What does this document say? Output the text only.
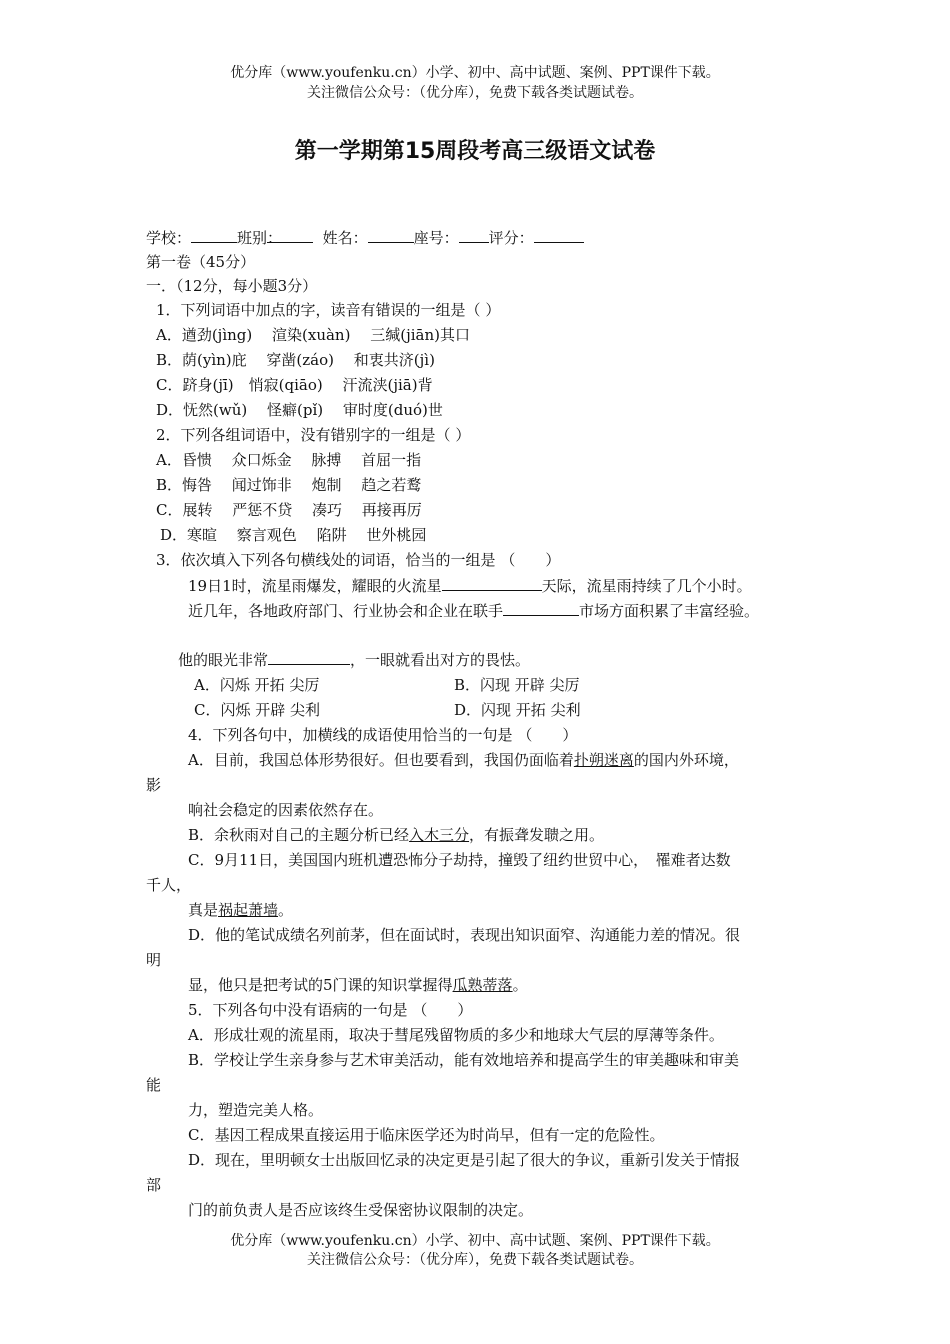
优分库（www.youfenku.cn）小学、初中、高中试题、案例、PPT课件下载。
关注微信公众号：（优分库），免费下载各类试题试卷。
第一学期第15周段考高三级语文试卷
学校：	班别：	姓名：	座号： 评分：
第一卷（45分）
一．（12分，每小题3分）
1．下列词语中加点的字，读音有错误的一组是（ ）
A．遒劲(jìng)　 渲染(xuàn)　 三缄(jiān)其口
B．荫(yìn)庇　 穿凿(záo)　 和衷共济(jì)
C．跻身(jī)　悄寂(qiāo)　 汗流浃(jiā)背
D．怃然(wǔ)　 怪癖(pǐ)　 审时度(duó)世
2．下列各组词语中，没有错别字的一组是（ ）
A．昏愦　 众口烁金　 脉搏　 首屈一指
B．悔咎　 闻过饰非　 炮制　 趋之若鹜
C．展转　 严惩不贷　 凑巧　 再接再厉
D．寒暄　 察言观色　 陷阱　 世外桃园
3．依次填入下列各句横线处的词语，恰当的一组是 （　　）
19日1时，流星雨爆发，耀眼的火流星	天际，流星雨持续了几个小时。
近几年，各地政府部门、行业协会和企业在联手	市场方面积累了丰富经验。
他的眼光非常	，一眼就看出对方的畏怯。
A．闪烁 开拓 尖厉	B．闪现 开辟 尖厉
C．闪烁 开辟 尖利	D．闪现 开拓 尖利
4．下列各句中，加横线的成语使用恰当的一句是 （　　）
A．目前，我国总体形势很好。但也要看到，我国仍面临着扑朔迷离的国内外环境，
影
响社会稳定的因素依然存在。
B．余秋雨对自己的主题分析已经入木三分，有振聋发聩之用。
C．9月11日，美国国内班机遭恐怖分子劫持，撞毁了纽约世贸中心，　罹难者达数
千人，
真是祸起萧墙。
D．他的笔试成绩名列前茅，但在面试时，表现出知识面窄、沟通能力差的情况。很
明
显，他只是把考试的5门课的知识掌握得瓜熟蒂落。
5．下列各句中没有语病的一句是 （　　）
A．形成壮观的流星雨，取决于彗尾残留物质的多少和地球大气层的厚薄等条件。
B．学校让学生亲身参与艺术审美活动，能有效地培养和提高学生的审美趣味和审美
能
力，塑造完美人格。
C．基因工程成果直接运用于临床医学还为时尚早，但有一定的危险性。
D．现在，里明顿女士出版回忆录的决定更是引起了很大的争议，重新引发关于情报
部
门的前负责人是否应该终生受保密协议限制的决定。
优分库（www.youfenku.cn）小学、初中、高中试题、案例、PPT课件下载。
关注微信公众号：（优分库），免费下载各类试题试卷。
